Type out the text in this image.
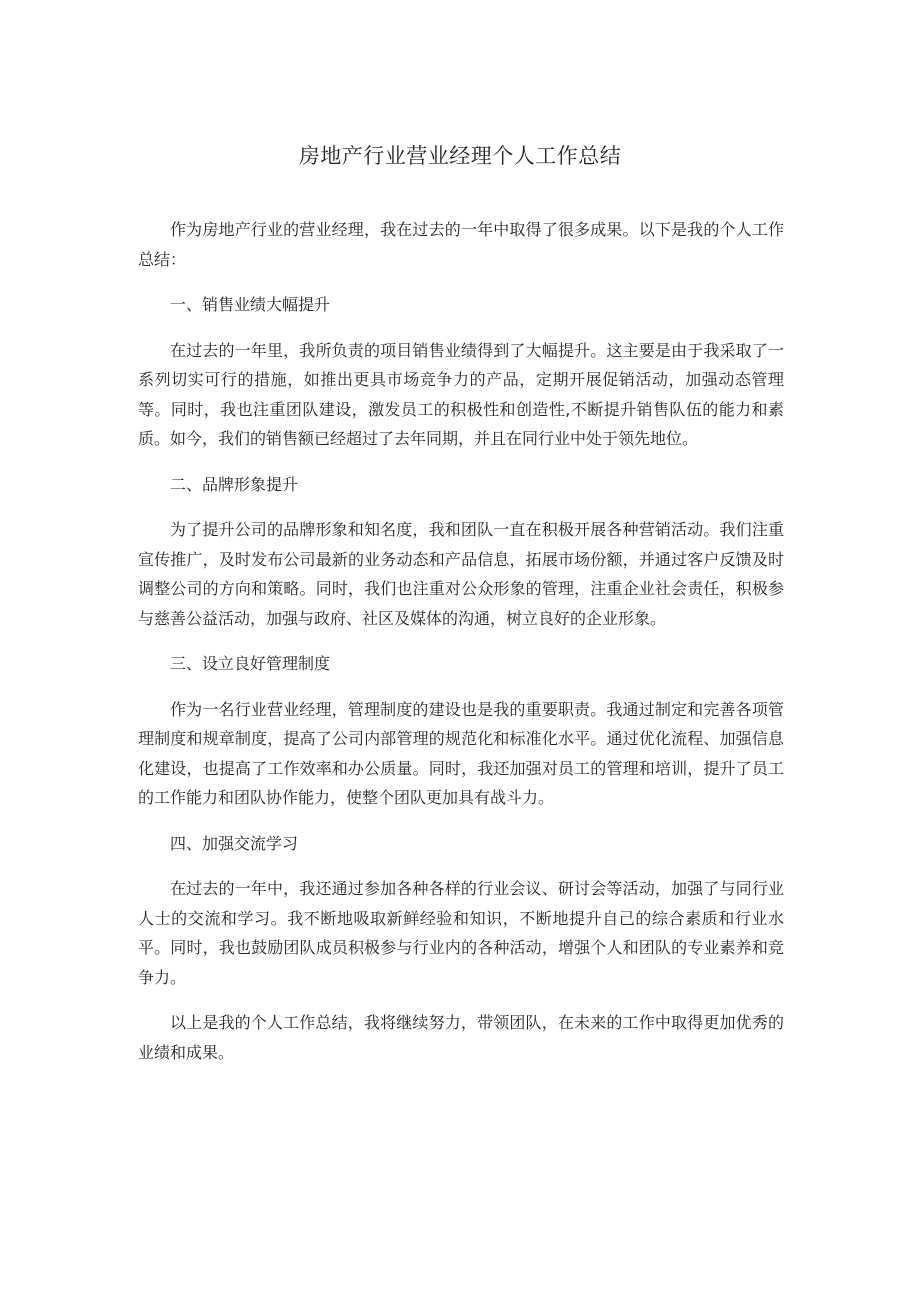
房地产行业营业经理个人工作总结

作为房地产行业的营业经理，我在过去的一年中取得了很多成果。以下是我的个人工作总结：

一、销售业绩大幅提升

在过去的一年里，我所负责的项目销售业绩得到了大幅提升。这主要是由于我采取了一系列切实可行的措施，如推出更具市场竞争力的产品，定期开展促销活动，加强动态管理等。同时，我也注重团队建设，激发员工的积极性和创造性,不断提升销售队伍的能力和素质。如今，我们的销售额已经超过了去年同期，并且在同行业中处于领先地位。

二、品牌形象提升

为了提升公司的品牌形象和知名度，我和团队一直在积极开展各种营销活动。我们注重宣传推广，及时发布公司最新的业务动态和产品信息，拓展市场份额，并通过客户反馈及时调整公司的方向和策略。同时，我们也注重对公众形象的管理，注重企业社会责任，积极参与慈善公益活动，加强与政府、社区及媒体的沟通，树立良好的企业形象。

三、设立良好管理制度

作为一名行业营业经理，管理制度的建设也是我的重要职责。我通过制定和完善各项管理制度和规章制度，提高了公司内部管理的规范化和标准化水平。通过优化流程、加强信息化建设，也提高了工作效率和办公质量。同时，我还加强对员工的管理和培训，提升了员工的工作能力和团队协作能力，使整个团队更加具有战斗力。

四、加强交流学习

在过去的一年中，我还通过参加各种各样的行业会议、研讨会等活动，加强了与同行业人士的交流和学习。我不断地吸取新鲜经验和知识，不断地提升自己的综合素质和行业水平。同时，我也鼓励团队成员积极参与行业内的各种活动，增强个人和团队的专业素养和竞争力。

以上是我的个人工作总结，我将继续努力，带领团队，在未来的工作中取得更加优秀的业绩和成果。
